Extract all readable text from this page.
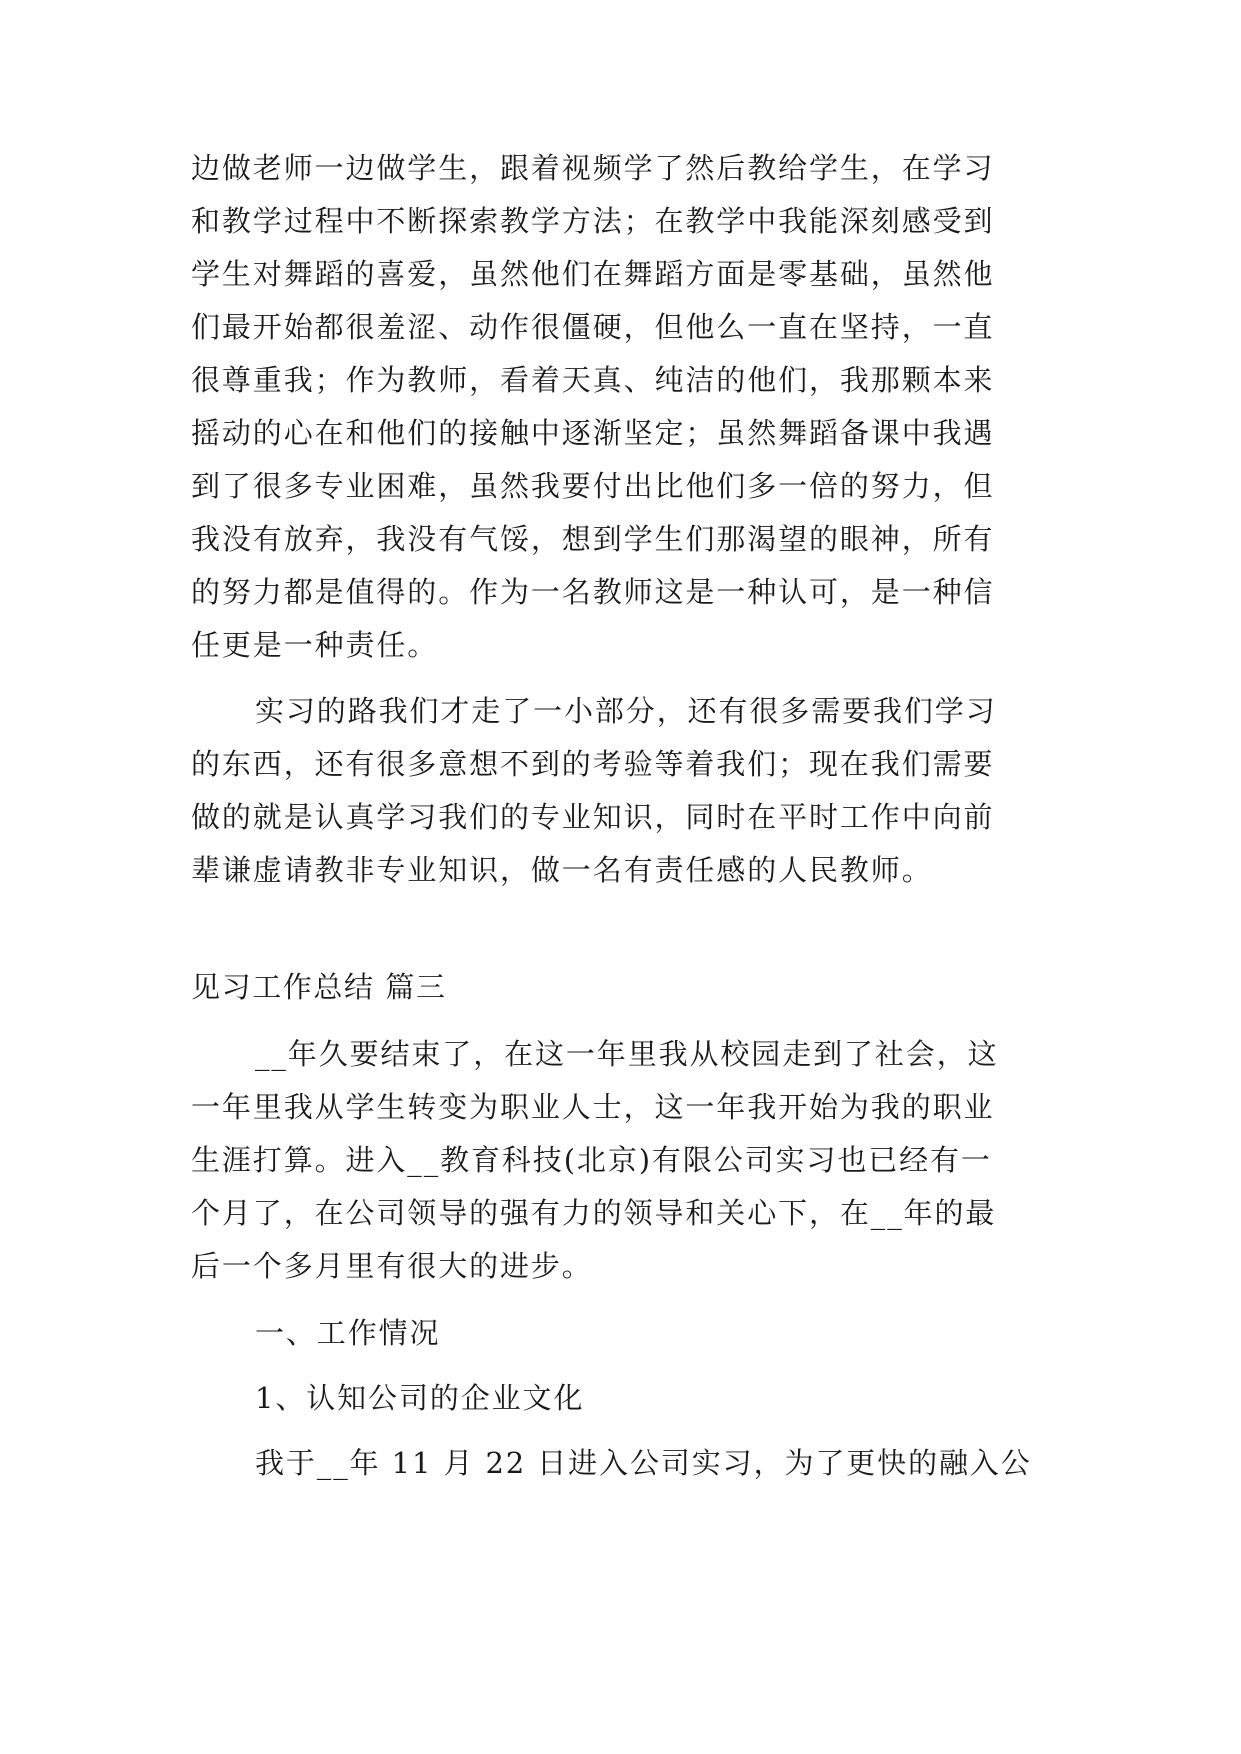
边做老师一边做学生，跟着视频学了然后教给学生，在学习
和教学过程中不断探索教学方法；在教学中我能深刻感受到
学生对舞蹈的喜爱，虽然他们在舞蹈方面是零基础，虽然他
们最开始都很羞涩、动作很僵硬，但他么一直在坚持，一直
很尊重我；作为教师，看着天真、纯洁的他们，我那颗本来
摇动的心在和他们的接触中逐渐坚定；虽然舞蹈备课中我遇
到了很多专业困难，虽然我要付出比他们多一倍的努力，但
我没有放弃，我没有气馁，想到学生们那渴望的眼神，所有
的努力都是值得的。作为一名教师这是一种认可，是一种信
任更是一种责任。
实习的路我们才走了一小部分，还有很多需要我们学习
的东西，还有很多意想不到的考验等着我们；现在我们需要
做的就是认真学习我们的专业知识，同时在平时工作中向前
辈谦虚请教非专业知识，做一名有责任感的人民教师。
见习工作总结 篇三
__年久要结束了，在这一年里我从校园走到了社会，这
一年里我从学生转变为职业人士，这一年我开始为我的职业
生涯打算。进入__教育科技(北京)有限公司实习也已经有一
个月了，在公司领导的强有力的领导和关心下，在__年的最
后一个多月里有很大的进步。
一、工作情况
1、认知公司的企业文化
我于__年 11 月 22 日进入公司实习，为了更快的融入公
